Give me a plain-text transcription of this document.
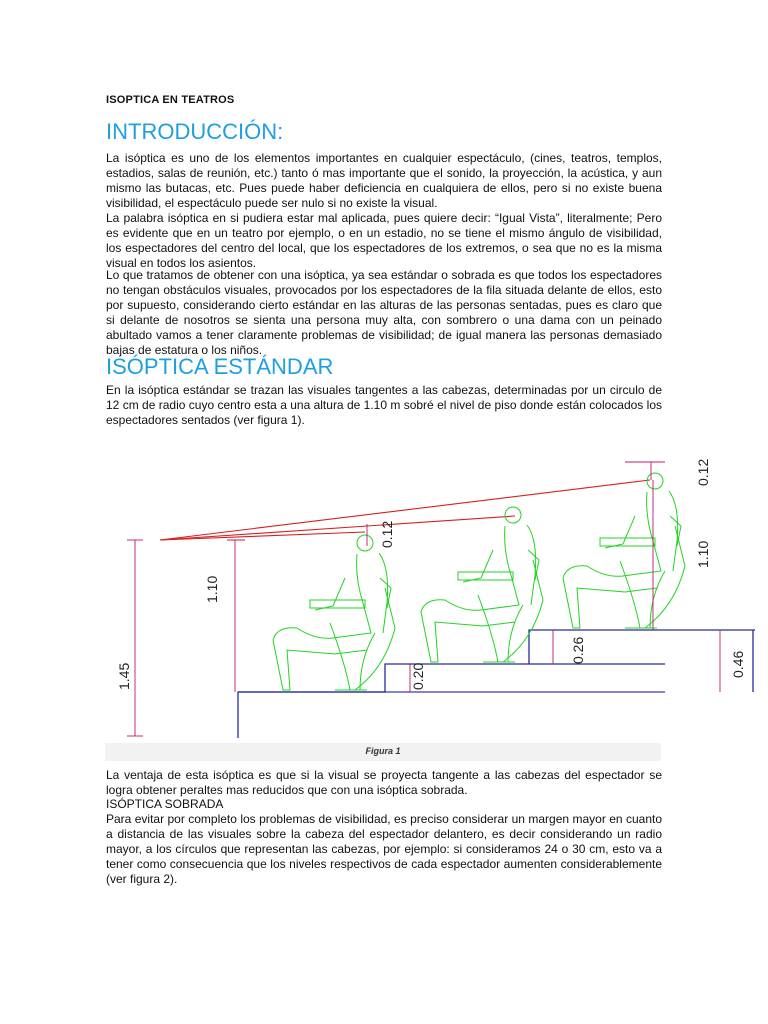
ISOPTICA EN TEATROS
INTRODUCCIÓN:
La isóptica es uno de los elementos importantes en cualquier espectáculo, (cines, teatros, templos, estadios, salas de reunión, etc.) tanto ó mas importante que el sonido, la proyección, la acústica, y aun mismo las butacas, etc. Pues puede haber deficiencia en cualquiera de ellos, pero si no existe buena visibilidad, el espectáculo puede ser nulo si no existe la visual.
La palabra isóptica en si pudiera estar mal aplicada, pues quiere decir: “Igual Vista”, literalmente; Pero es evidente que en un teatro por ejemplo, o en un estadio, no se tiene el mismo ángulo de visibilidad, los espectadores del centro del local, que los espectadores de los extremos, o sea que no es la misma visual en todos los asientos.
Lo que tratamos de obtener con una isóptica, ya sea estándar o sobrada es que todos los espectadores no tengan obstáculos visuales, provocados por los espectadores de la fila situada delante de ellos, esto por supuesto, considerando cierto estándar en las alturas de las personas sentadas, pues es claro que si delante de nosotros se sienta una persona muy alta, con sombrero o una dama con un peinado abultado vamos a tener claramente problemas de visibilidad; de igual manera las personas demasiado bajas de estatura o los niños.
ISÓPTICA ESTÁNDAR
En la isóptica estándar se trazan las visuales tangentes a las cabezas, determinadas por un circulo de 12 cm de radio cuyo centro esta a una altura de 1.10 m sobré el nivel de piso donde están colocados los espectadores sentados (ver figura 1).
1.45
1.10
0.12
0.20
0.26
0.12
1.10
0.46
Figura 1
La ventaja de esta isóptica es que si la visual se proyecta tangente a las cabezas del espectador se logra obtener peraltes mas reducidos que con una isóptica sobrada.
ISÓPTICA SOBRADA
Para evitar por completo los problemas de visibilidad, es preciso considerar un margen mayor en cuanto a distancia de las visuales sobre la cabeza del espectador delantero, es decir considerando un radio mayor, a los círculos que representan las cabezas, por ejemplo: si consideramos 24 o 30 cm, esto va a tener como consecuencia que los niveles respectivos de cada espectador aumenten considerablemente (ver figura 2).
